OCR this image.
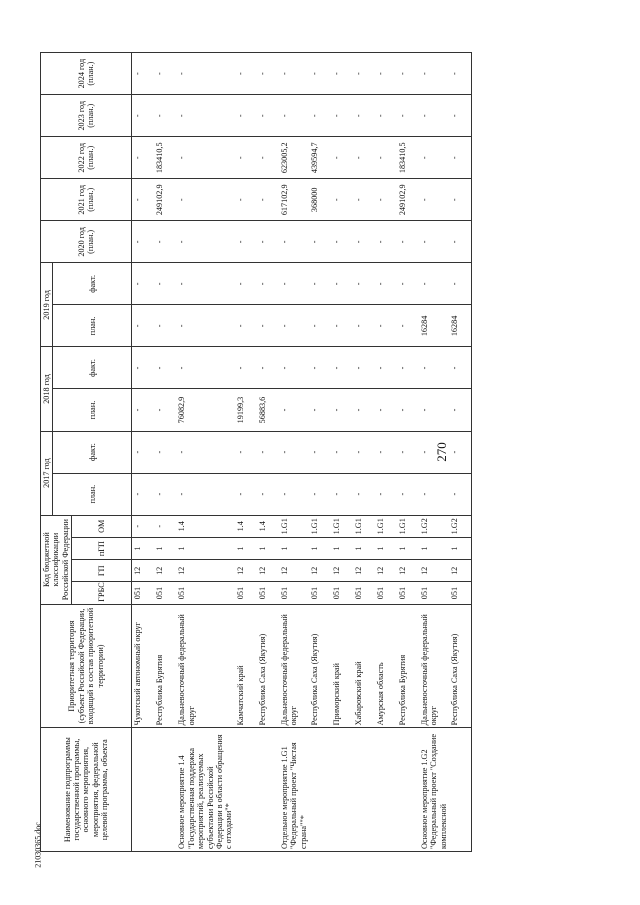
270
21030365.doc
Наименование подпрограммы государственной программы, основного мероприятия, мероприятия, федеральной целевой программы, объекта	Приоритетная территория (субъект Российской Федерации, входящий в состав приоритетной территории)	Код бюджетной классификации Российской Федерации				2017 год		2018 год		2019 год		2020 год (план.)	2021 год (план.)	2022 год (план.)	2023 год (план.)	2024 год (план.)
						план.	факт.	план.	факт.	план.	факт.					
		ГРБС	ГП	пГП	ОМ											
	Чукотский автономный округ	051	12	1	-	-	-	-	-	-	-	-	-	-	-	-
	Республика Бурятия	051	12	1	-	-	-	-	-	-	-	-	249102,9	183410,5	-	-
Основное мероприятие 1.4 "Государственная поддержка мероприятий, реализуемых субъектами Российской Федерации в области обращения с отходами"*	Дальневосточный федеральный округ	051	12	1	1.4	-	-	76082,9	-	-	-	-	-	-	-	-
	Камчатский край	051	12	1	1.4	-	-	19199,3	-	-	-	-	-	-	-	-
	Республика Саха (Якутия)	051	12	1	1.4	-	-	56883,6	-	-	-	-	-	-	-	-
Отдельное мероприятие 1.G1 "Федеральный проект "Чистая страна""*	Дальневосточный федеральный округ	051	12	1	1.G1	-	-	-	-	-	-	-	617102,9	623005,2	-	-
	Республика Саха (Якутия)	051	12	1	1.G1	-	-	-	-	-	-	-	368000	439594,7	-	-
	Приморский край	051	12	1	1.G1	-	-	-	-	-	-	-	-	-	-	-
	Хабаровский край	051	12	1	1.G1	-	-	-	-	-	-	-	-	-	-	-
	Амурская область	051	12	1	1.G1	-	-	-	-	-	-	-	-	-	-	-
	Республика Бурятия	051	12	1	1.G1	-	-	-	-	-	-	-	249102,9	183410,5	-	-
Основное мероприятие 1.G2 "Федеральный проект "Создание комплексной	Дальневосточный федеральный округ	051	12	1	1.G2	-	-	-	-	16284	-	-	-	-	-	-
	Республика Саха (Якутия)	051	12	1	1.G2	-	-	-	-	16284	-	-	-	-	-	-
